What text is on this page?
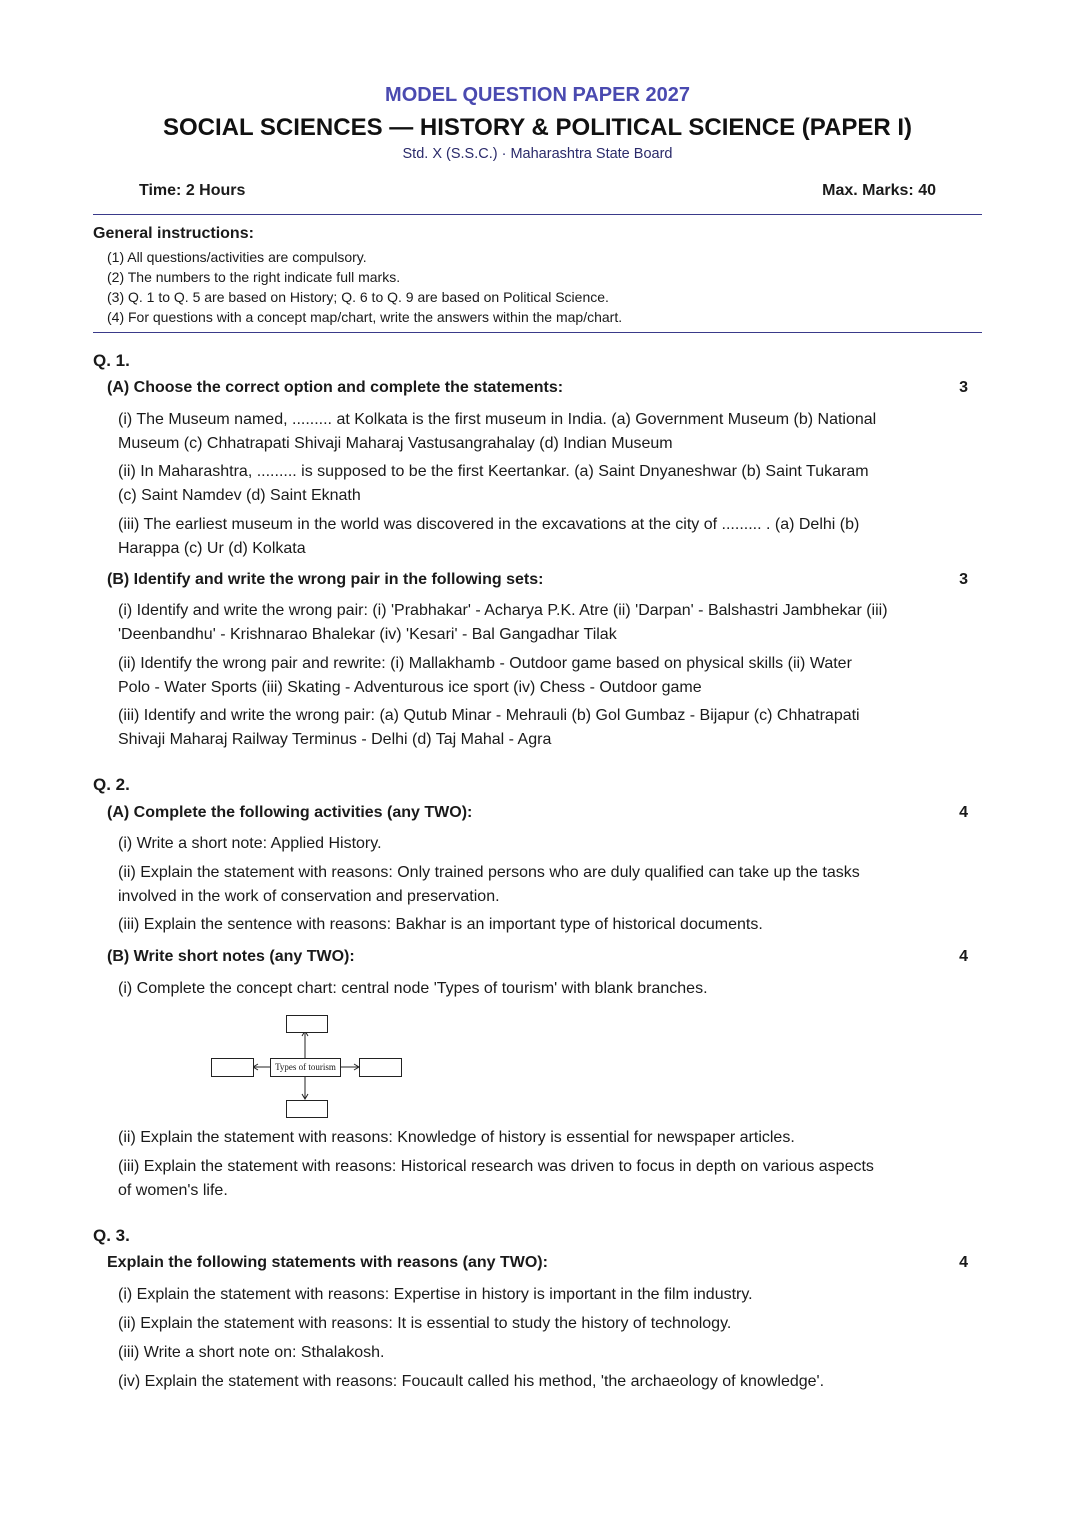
MODEL QUESTION PAPER 2027
SOCIAL SCIENCES — HISTORY & POLITICAL SCIENCE (PAPER I)
Std. X (S.S.C.) · Maharashtra State Board
Time: 2 Hours	Max. Marks: 40
General instructions:
(1) All questions/activities are compulsory.
(2) The numbers to the right indicate full marks.
(3) Q. 1 to Q. 5 are based on History; Q. 6 to Q. 9 are based on Political Science.
(4) For questions with a concept map/chart, write the answers within the map/chart.
Q. 1.
(A) Choose the correct option and complete the statements:	3
(i) The Museum named, ......... at Kolkata is the first museum in India. (a) Government Museum (b) National Museum (c) Chhatrapati Shivaji Maharaj Vastusangrahalay (d) Indian Museum
(ii) In Maharashtra, ......... is supposed to be the first Keertankar. (a) Saint Dnyaneshwar (b) Saint Tukaram (c) Saint Namdev (d) Saint Eknath
(iii) The earliest museum in the world was discovered in the excavations at the city of ......... . (a) Delhi (b) Harappa (c) Ur (d) Kolkata
(B) Identify and write the wrong pair in the following sets:	3
(i) Identify and write the wrong pair: (i) 'Prabhakar' - Acharya P.K. Atre (ii) 'Darpan' - Balshastri Jambhekar (iii) 'Deenbandhu' - Krishnarao Bhalekar (iv) 'Kesari' - Bal Gangadhar Tilak
(ii) Identify the wrong pair and rewrite: (i) Mallakhamb - Outdoor game based on physical skills (ii) Water Polo - Water Sports (iii) Skating - Adventurous ice sport (iv) Chess - Outdoor game
(iii) Identify and write the wrong pair: (a) Qutub Minar - Mehrauli (b) Gol Gumbaz - Bijapur (c) Chhatrapati Shivaji Maharaj Railway Terminus - Delhi (d) Taj Mahal - Agra
Q. 2.
(A) Complete the following activities (any TWO):	4
(i) Write a short note: Applied History.
(ii) Explain the statement with reasons: Only trained persons who are duly qualified can take up the tasks involved in the work of conservation and preservation.
(iii) Explain the sentence with reasons: Bakhar is an important type of historical documents.
(B) Write short notes (any TWO):	4
(i) Complete the concept chart: central node 'Types of tourism' with blank branches.
Types of tourism
(ii) Explain the statement with reasons: Knowledge of history is essential for newspaper articles.
(iii) Explain the statement with reasons: Historical research was driven to focus in depth on various aspects of women's life.
Q. 3.
Explain the following statements with reasons (any TWO):	4
(i) Explain the statement with reasons: Expertise in history is important in the film industry.
(ii) Explain the statement with reasons: It is essential to study the history of technology.
(iii) Write a short note on: Sthalakosh.
(iv) Explain the statement with reasons: Foucault called his method, 'the archaeology of knowledge'.
